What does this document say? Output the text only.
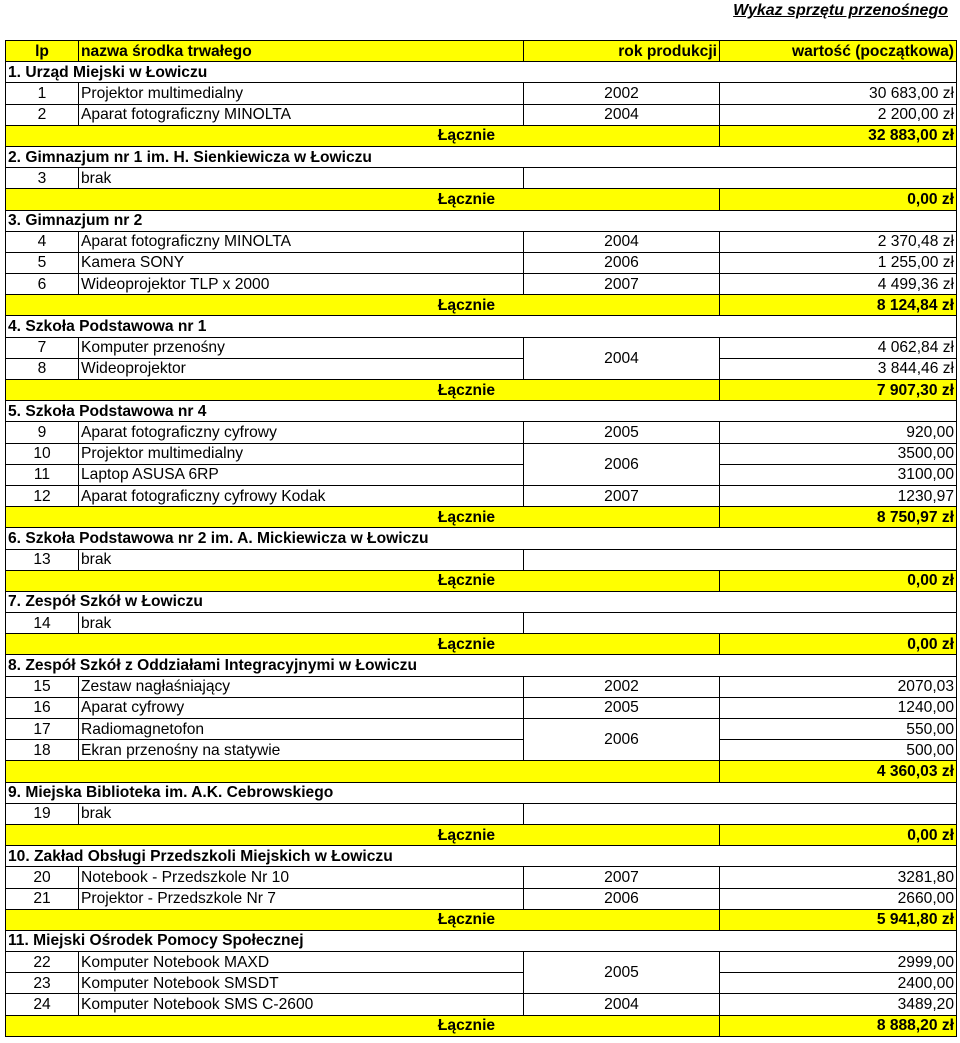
Wykaz sprzętu przenośnego
lp	nazwa środka trwałego	rok produkcji	wartość (początkowa)
1. Urząd Miejski w Łowiczu			
1	Projektor multimedialny	2002	30 683,00 zł
2	Aparat fotograficzny MINOLTA	2004	2 200,00 zł
Łącznie			32 883,00 zł
2. Gimnazjum nr 1 im. H. Sienkiewicza w Łowiczu			
3	brak		
Łącznie			0,00 zł
3. Gimnazjum nr 2			
4	Aparat fotograficzny MINOLTA	2004	2 370,48 zł
5	Kamera SONY	2006	1 255,00 zł
6	Wideoprojektor TLP x 2000	2007	4 499,36 zł
Łącznie			8 124,84 zł
4. Szkoła Podstawowa nr 1			
7	Komputer przenośny	2004	4 062,84 zł
8	Wideoprojektor		3 844,46 zł
Łącznie			7 907,30 zł
5. Szkoła Podstawowa nr 4			
9	Aparat fotograficzny cyfrowy	2005	920,00
10	Projektor multimedialny	2006	3500,00
11	Laptop ASUSA 6RP		3100,00
12	Aparat fotograficzny cyfrowy Kodak	2007	1230,97
Łącznie			8 750,97 zł
6. Szkoła Podstawowa nr 2 im. A. Mickiewicza w Łowiczu			
13	brak		
Łącznie			0,00 zł
7. Zespół Szkół w Łowiczu			
14	brak		
Łącznie			0,00 zł
8. Zespół Szkół z Oddziałami Integracyjnymi w Łowiczu			
15	Zestaw nagłaśniający	2002	2070,03
16	Aparat cyfrowy	2005	1240,00
17	Radiomagnetofon	2006	550,00
18	Ekran przenośny na statywie		500,00
			4 360,03 zł
9. Miejska Biblioteka im. A.K. Cebrowskiego			
19	brak		
Łącznie			0,00 zł
10. Zakład Obsługi Przedszkoli Miejskich w Łowiczu			
20	Notebook - Przedszkole Nr 10	2007	3281,80
21	Projektor - Przedszkole Nr 7	2006	2660,00
Łącznie			5 941,80 zł
11. Miejski Ośrodek Pomocy Społecznej			
22	Komputer Notebook MAXD	2005	2999,00
23	Komputer Notebook SMSDT		2400,00
24	Komputer Notebook SMS C-2600	2004	3489,20
Łącznie			8 888,20 zł
